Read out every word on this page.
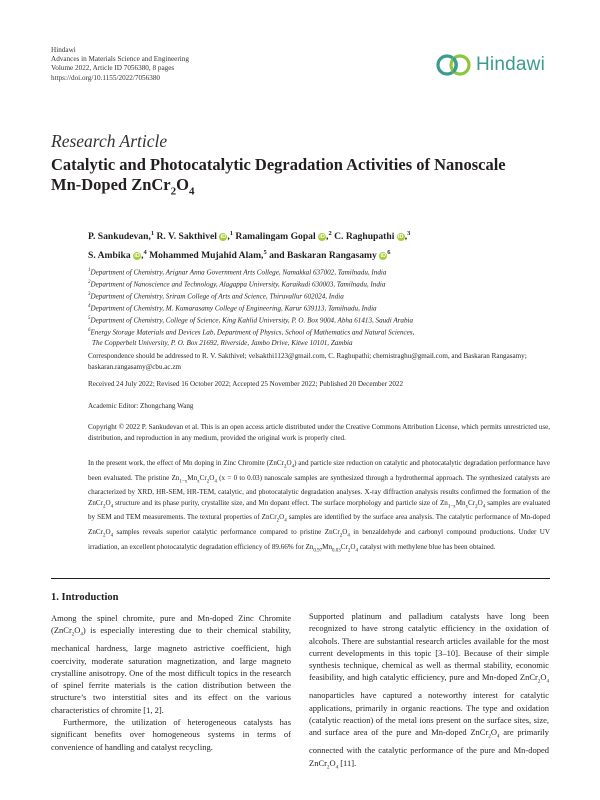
Hindawi
Advances in Materials Science and Engineering
Volume 2022, Article ID 7056380, 8 pages
https://doi.org/10.1155/2022/7056380
Hindawi
Research Article
Catalytic and Photocatalytic Degradation Activities of Nanoscale
Mn-Doped $ZnCr_2O_4$
P. Sankudevan,$^1$ R. V. Sakthivel iD,$^1$ Ramalingam Gopal iD,$^2$ C. Raghupathi iD,$^3$
S. Ambika iD,$^4$ Mohammed Mujahid Alam,$^5$ and Baskaran Rangasamy $iD^6$
$^1$Department of Chemistry, Arignar Anna Government Arts College, Namakkal 637002, Tamilnadu, India
$^2$Department of Nanoscience and Technology, Alagappa University, Karaikudi 630003, Tamilnadu, India
$^3$Department of Chemistry, Sriram College of Arts and Science, Thiruvallur 602024, India
$^4$Department of Chemistry, M. Kumarasamy College of Engineering, Karur 639113, Tamilnadu, India
$^5$Department of Chemistry, College of Science, King Kahlid University, P. O. Box 9004, Abha 61413, Saudi Arabia
$^6$Energy Storage Materials and Devices Lab, Department of Physics, School of Mathematics and Natural Sciences,
The Copperbelt University, P. O. Box 21692, Riverside, Jambo Drive, Kitwe 10101, Zambia
Correspondence should be addressed to R. V. Sakthivel; velsakthi1123@gmail.com, C. Raghupathi; chemistraghu@gmail.com, and Baskaran Rangasamy; baskaran.rangasamy@cbu.ac.zm
Received 24 July 2022; Revised 16 October 2022; Accepted 25 November 2022; Published 20 December 2022
Academic Editor: Zhongchang Wang
Copyright © 2022 P. Sankudevan et al. This is an open access article distributed under the Creative Commons Attribution License, which permits unrestricted use, distribution, and reproduction in any medium, provided the original work is properly cited.
In the present work, the effect of Mn doping in Zinc Chromite $(ZnCr_2O_4)$ and particle size reduction on catalytic and photocatalytic degradation performance have been evaluated. The pristine $Zn_{1-x}Mn_xCr_2O_4$ (x = 0 to 0.03) nanoscale samples are synthesized through a hydrothermal approach. The synthesized catalysts are characterized by XRD, HR-SEM, HR-TEM, catalytic, and photocatalytic degradation analyses. X-ray diffraction analysis results confirmed the formation of the $ZnCr_2O_4$ structure and its phase purity, crystallite size, and Mn dopant effect. The surface morphology and particle size of $Zn_{1-x}Mn_xCr_2O_4$ samples are evaluated by SEM and TEM measurements. The textural properties of $ZnCr_2O_4$ samples are identified by the surface area analysis. The catalytic performance of Mn-doped $ZnCr_2O_4$ samples reveals superior catalytic performance compared to pristine $ZnCr_2O_4$ in benzaldehyde and carbonyl compound productions. Under UV irradiation, an excellent photocatalytic degradation efficiency of 89.66% for $Zn_{0.97}Mn_{0.03}Cr_2O_4$ catalyst with methylene blue has been obtained.
1. Introduction

Among the spinel chromite, pure and Mn-doped Zinc Chromite $(ZnCr_2O_4)$ is especially interesting due to their chemical stability, mechanical hardness, large magneto astrictive coefficient, high coercivity, moderate saturation magnetization, and large magneto crystalline anisotropy. One of the most difficult topics in the research of spinel ferrite materials is the cation distribution between the structure’s two interstitial sites and its effect on the various characteristics of chromite [1, 2].

Furthermore, the utilization of heterogeneous catalysts has significant benefits over homogeneous systems in terms of convenience of handling and catalyst recycling.

Supported platinum and palladium catalysts have long been recognized to have strong catalytic efficiency in the oxidation of alcohols. There are substantial research articles available for the most current developments in this topic [3–10]. Because of their simple synthesis technique, chemical as well as thermal stability, economic feasibility, and high catalytic efficiency, pure and Mn-doped $ZnCr_2O_4$ nanoparticles have captured a noteworthy interest for catalytic applications, primarily in organic reactions. The type and oxidation (catalytic reaction) of the metal ions present on the surface sites, size, and surface area of the pure and Mn-doped $ZnCr_2O_4$ are primarily connected with the catalytic performance of the pure and Mn-doped $ZnCr_2O_4$ [11].
